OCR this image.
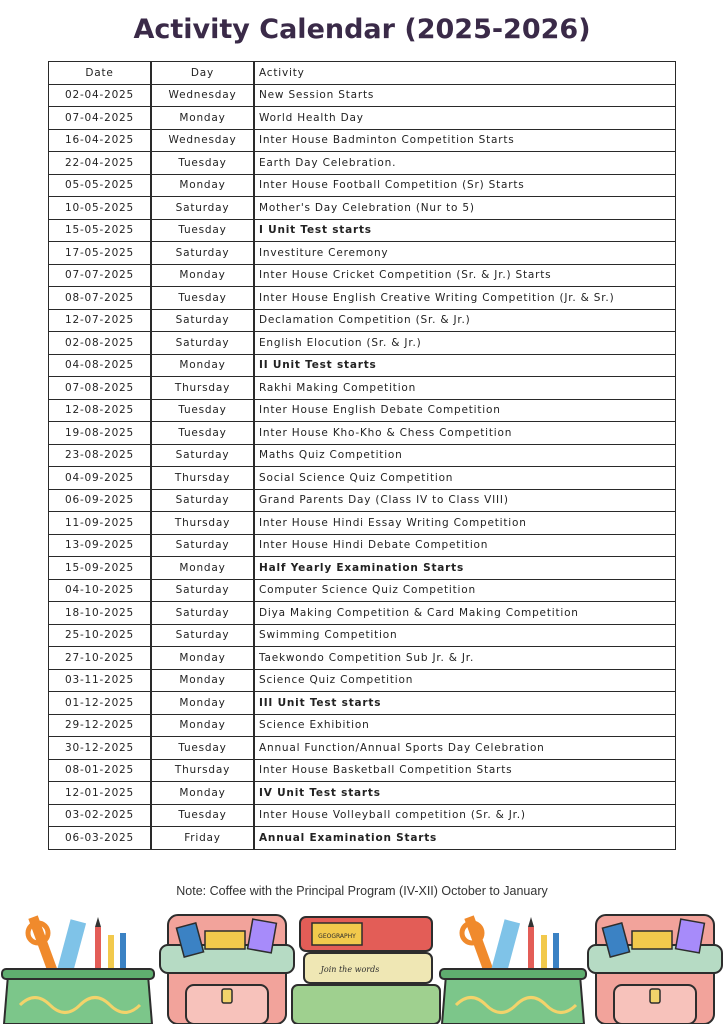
Activity Calendar (2025-2026)
Date	Day	Activity
02-04-2025	Wednesday	New Session Starts
07-04-2025	Monday	World Health Day
16-04-2025	Wednesday	Inter House Badminton Competition Starts
22-04-2025	Tuesday	Earth Day Celebration.
05-05-2025	Monday	Inter House Football Competition (Sr) Starts
10-05-2025	Saturday	Mother's Day Celebration (Nur to 5)
15-05-2025	Tuesday	I Unit Test starts
17-05-2025	Saturday	Investiture Ceremony
07-07-2025	Monday	Inter House Cricket Competition (Sr. & Jr.) Starts
08-07-2025	Tuesday	Inter House English Creative Writing Competition (Jr. & Sr.)
12-07-2025	Saturday	Declamation Competition (Sr. & Jr.)
02-08-2025	Saturday	English Elocution (Sr. & Jr.)
04-08-2025	Monday	II Unit Test starts
07-08-2025	Thursday	Rakhi Making Competition
12-08-2025	Tuesday	Inter House English Debate Competition
19-08-2025	Tuesday	Inter House Kho-Kho & Chess Competition
23-08-2025	Saturday	Maths Quiz Competition
04-09-2025	Thursday	Social Science Quiz Competition
06-09-2025	Saturday	Grand Parents Day (Class IV to Class VIII)
11-09-2025	Thursday	Inter House Hindi Essay Writing Competition
13-09-2025	Saturday	Inter House Hindi Debate Competition
15-09-2025	Monday	Half Yearly Examination Starts
04-10-2025	Saturday	Computer Science Quiz Competition
18-10-2025	Saturday	Diya Making Competition & Card Making Competition
25-10-2025	Saturday	Swimming Competition
27-10-2025	Monday	Taekwondo Competition Sub Jr. & Jr.
03-11-2025	Monday	Science Quiz Competition
01-12-2025	Monday	III Unit Test starts
29-12-2025	Monday	Science Exhibition
30-12-2025	Tuesday	Annual Function/Annual Sports Day Celebration
08-01-2025	Thursday	Inter House Basketball Competition Starts
12-01-2025	Monday	IV Unit Test starts
03-02-2025	Tuesday	Inter House Volleyball competition (Sr. & Jr.)
06-03-2025	Friday	Annual Examination Starts
Note: Coffee with the Principal Program (IV-XII) October to January
GEOGRAPHY
Join the words
